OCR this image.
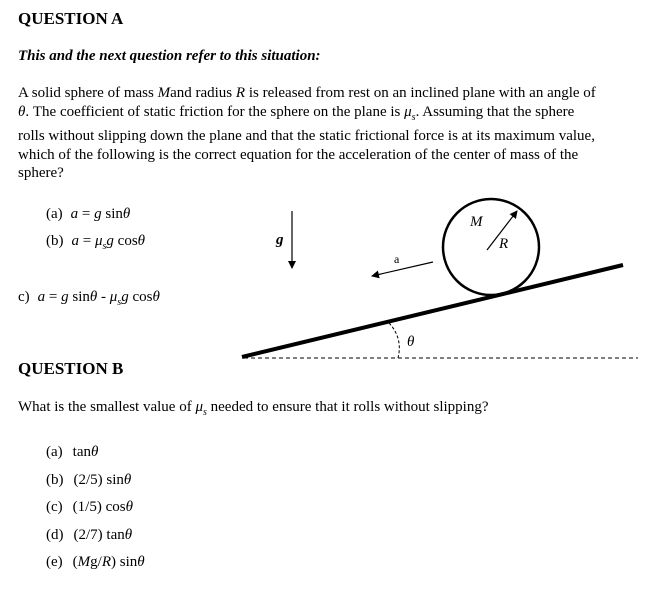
QUESTION A
This and the next question refer to this situation:
A solid sphere of mass Mand radius R is released from rest on an inclined plane with an angle of
θ. The coefficient of static friction for the sphere on the plane is $\mu_s$. Assuming that the sphere
rolls without slipping down the plane and that the static frictional force is at its maximum value,
which of the following is the correct equation for the acceleration of the center of mass of the
sphere?
(a) a = g sinθ
(b) $a = \mu_sg$ cosθ
c) a = g sinθ - $\mu_sg$ cosθ
g
a
θ
M
R
QUESTION B
What is the smallest value of $\mu_s$ needed to ensure that it rolls without slipping?
(a) tanθ
(b) (2/5) sinθ
(c) (1/5) cosθ
(d) (2/7) tanθ
(e) (Mg/R) sinθ
